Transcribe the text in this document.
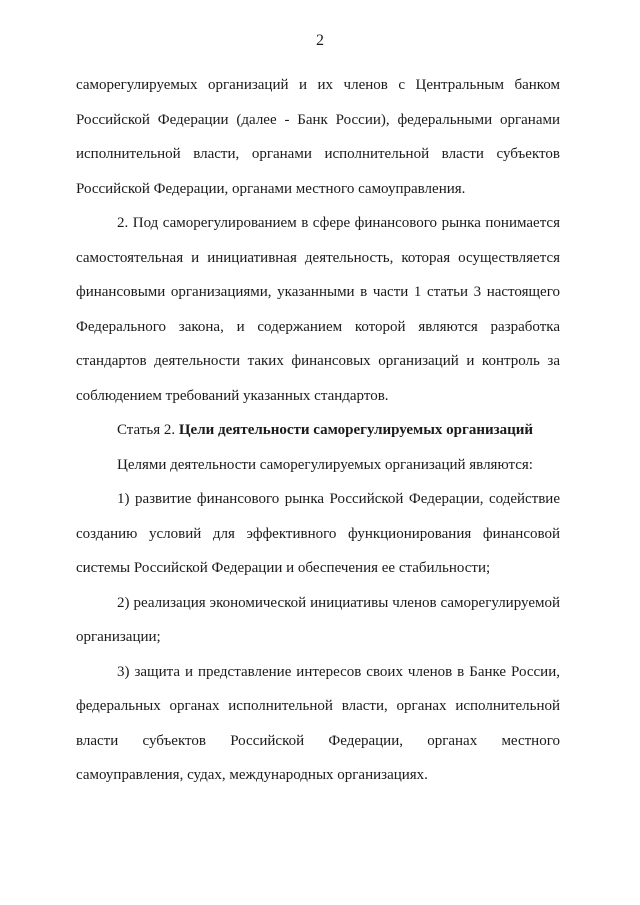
2

саморегулируемых организаций и их членов с Центральным банком Российской Федерации (далее - Банк России), федеральными органами исполнительной власти, органами исполнительной власти субъектов Российской Федерации, органами местного самоуправления.

2. Под саморегулированием в сфере финансового рынка понимается самостоятельная и инициативная деятельность, которая осуществляется финансовыми организациями, указанными в части 1 статьи 3 настоящего Федерального закона, и содержанием которой являются разработка стандартов деятельности таких финансовых организаций и контроль за соблюдением требований указанных стандартов.

Статья 2. Цели деятельности саморегулируемых организаций

Целями деятельности саморегулируемых организаций являются:

1) развитие финансового рынка Российской Федерации, содействие созданию условий для эффективного функционирования финансовой системы Российской Федерации и обеспечения ее стабильности;

2) реализация экономической инициативы членов саморегулируемой организации;

3) защита и представление интересов своих членов в Банке России, федеральных органах исполнительной власти, органах исполнительной власти субъектов Российской Федерации, органах местного самоуправления, судах, международных организациях.
